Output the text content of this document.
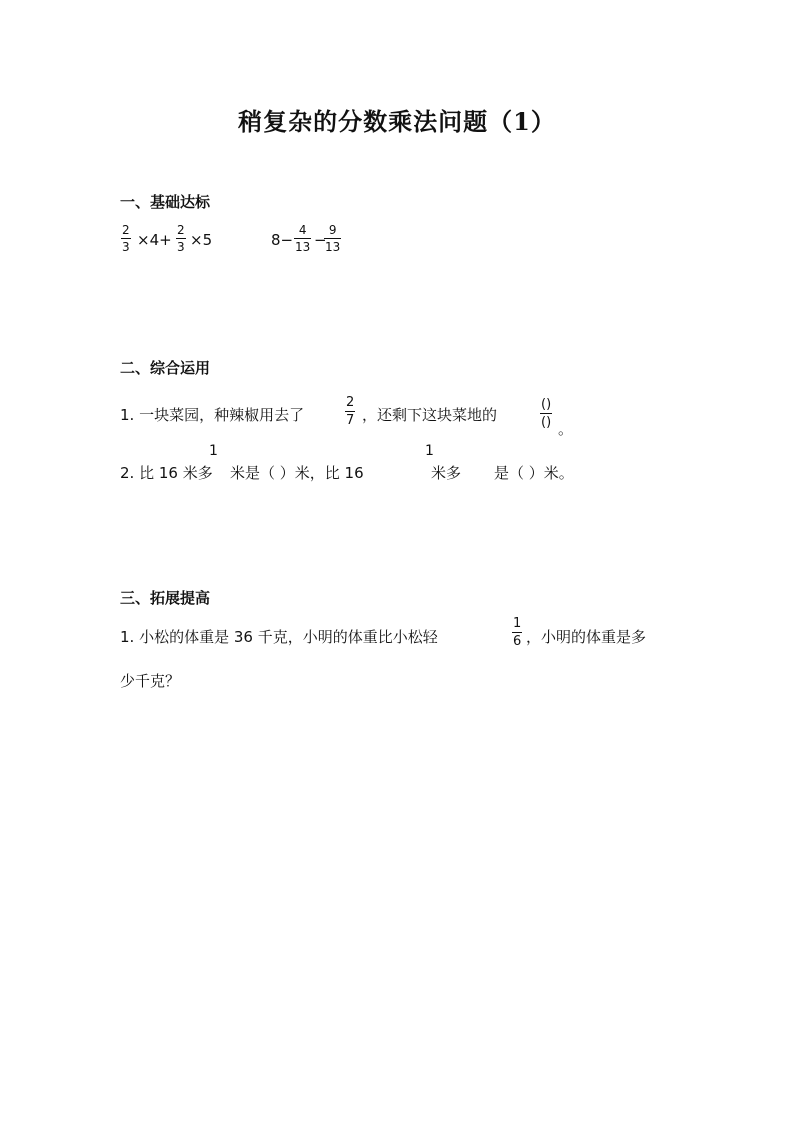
稍复杂的分数乘法问题（1）
一、基础达标
2
3 ×4+
2
3 ×5	8−
4
13 −
9
13
二、综合运用
1. 一块菜园，种辣椒用去了
2
7 ，还剩下这块菜地的
()
() 。
2. 比 16 米多
1
米是（ ）米，比 16
1
米多 是（ ）米。
三、拓展提高
1. 小松的体重是 36 千克，小明的体重比小松轻
1
6 ，小明的体重是多
少千克？
